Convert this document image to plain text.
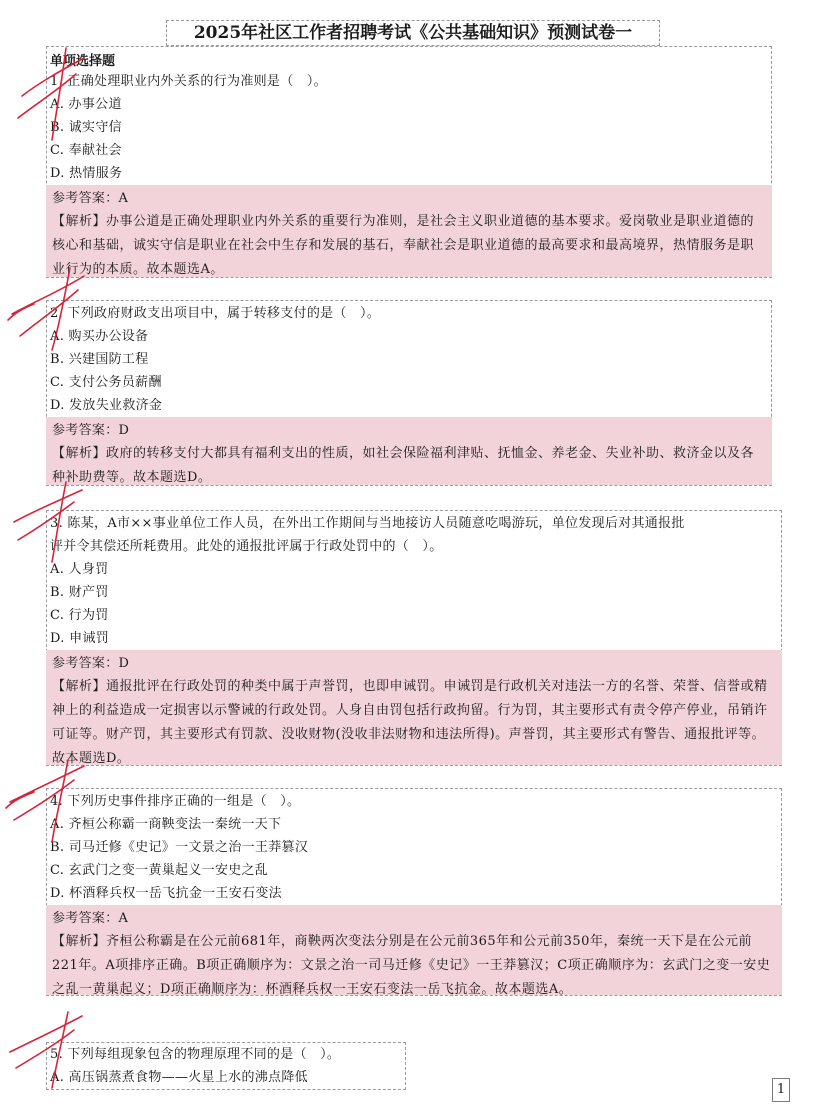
2025年社区工作者招聘考试《公共基础知识》预测试卷一
单项选择题
1. 正确处理职业内外关系的行为准则是（　）。
A. 办事公道
B. 诚实守信
C. 奉献社会
D. 热情服务
参考答案：A
【解析】办事公道是正确处理职业内外关系的重要行为准则，是社会主义职业道德的基本要求。爱岗敬业是职业道德的核心和基础，诚实守信是职业在社会中生存和发展的基石，奉献社会是职业道德的最高要求和最高境界，热情服务是职业行为的本质。故本题选A。
2. 下列政府财政支出项目中，属于转移支付的是（　）。
A. 购买办公设备
B. 兴建国防工程
C. 支付公务员薪酬
D. 发放失业救济金
参考答案：D
【解析】政府的转移支付大都具有福利支出的性质，如社会保险福利津贴、抚恤金、养老金、失业补助、救济金以及各种补助费等。故本题选D。
3. 陈某，A市××事业单位工作人员，在外出工作期间与当地接访人员随意吃喝游玩，单位发现后对其通报批
评并令其偿还所耗费用。此处的通报批评属于行政处罚中的（　）。
A. 人身罚
B. 财产罚
C. 行为罚
D. 申诫罚
参考答案：D
【解析】通报批评在行政处罚的种类中属于声誉罚，也即申诫罚。申诫罚是行政机关对违法一方的名誉、荣誉、信誉或精神上的利益造成一定损害以示警诫的行政处罚。人身自由罚包括行政拘留。行为罚，其主要形式有责令停产停业，吊销许可证等。财产罚，其主要形式有罚款、没收财物(没收非法财物和违法所得)。声誉罚，其主要形式有警告、通报批评等。故本题选D。
4. 下列历史事件排序正确的一组是（　）。
A. 齐桓公称霸一商鞅变法一秦统一天下
B. 司马迁修《史记》一文景之治一王莽篡汉
C. 玄武门之变一黄巢起义一安史之乱
D. 杯酒释兵权一岳飞抗金一王安石变法
参考答案：A
【解析】齐桓公称霸是在公元前681年，商鞅两次变法分别是在公元前365年和公元前350年，秦统一天下是在公元前221年。A项排序正确。B项正确顺序为：文景之治一司马迁修《史记》一王莽篡汉；C项正确顺序为：玄武门之变一安史之乱一黄巢起义；D项正确顺序为：杯酒释兵权一王安石变法一岳飞抗金。故本题选A。
5. 下列每组现象包含的物理原理不同的是（　）。
A. 高压锅蒸煮食物——火星上水的沸点降低
1
